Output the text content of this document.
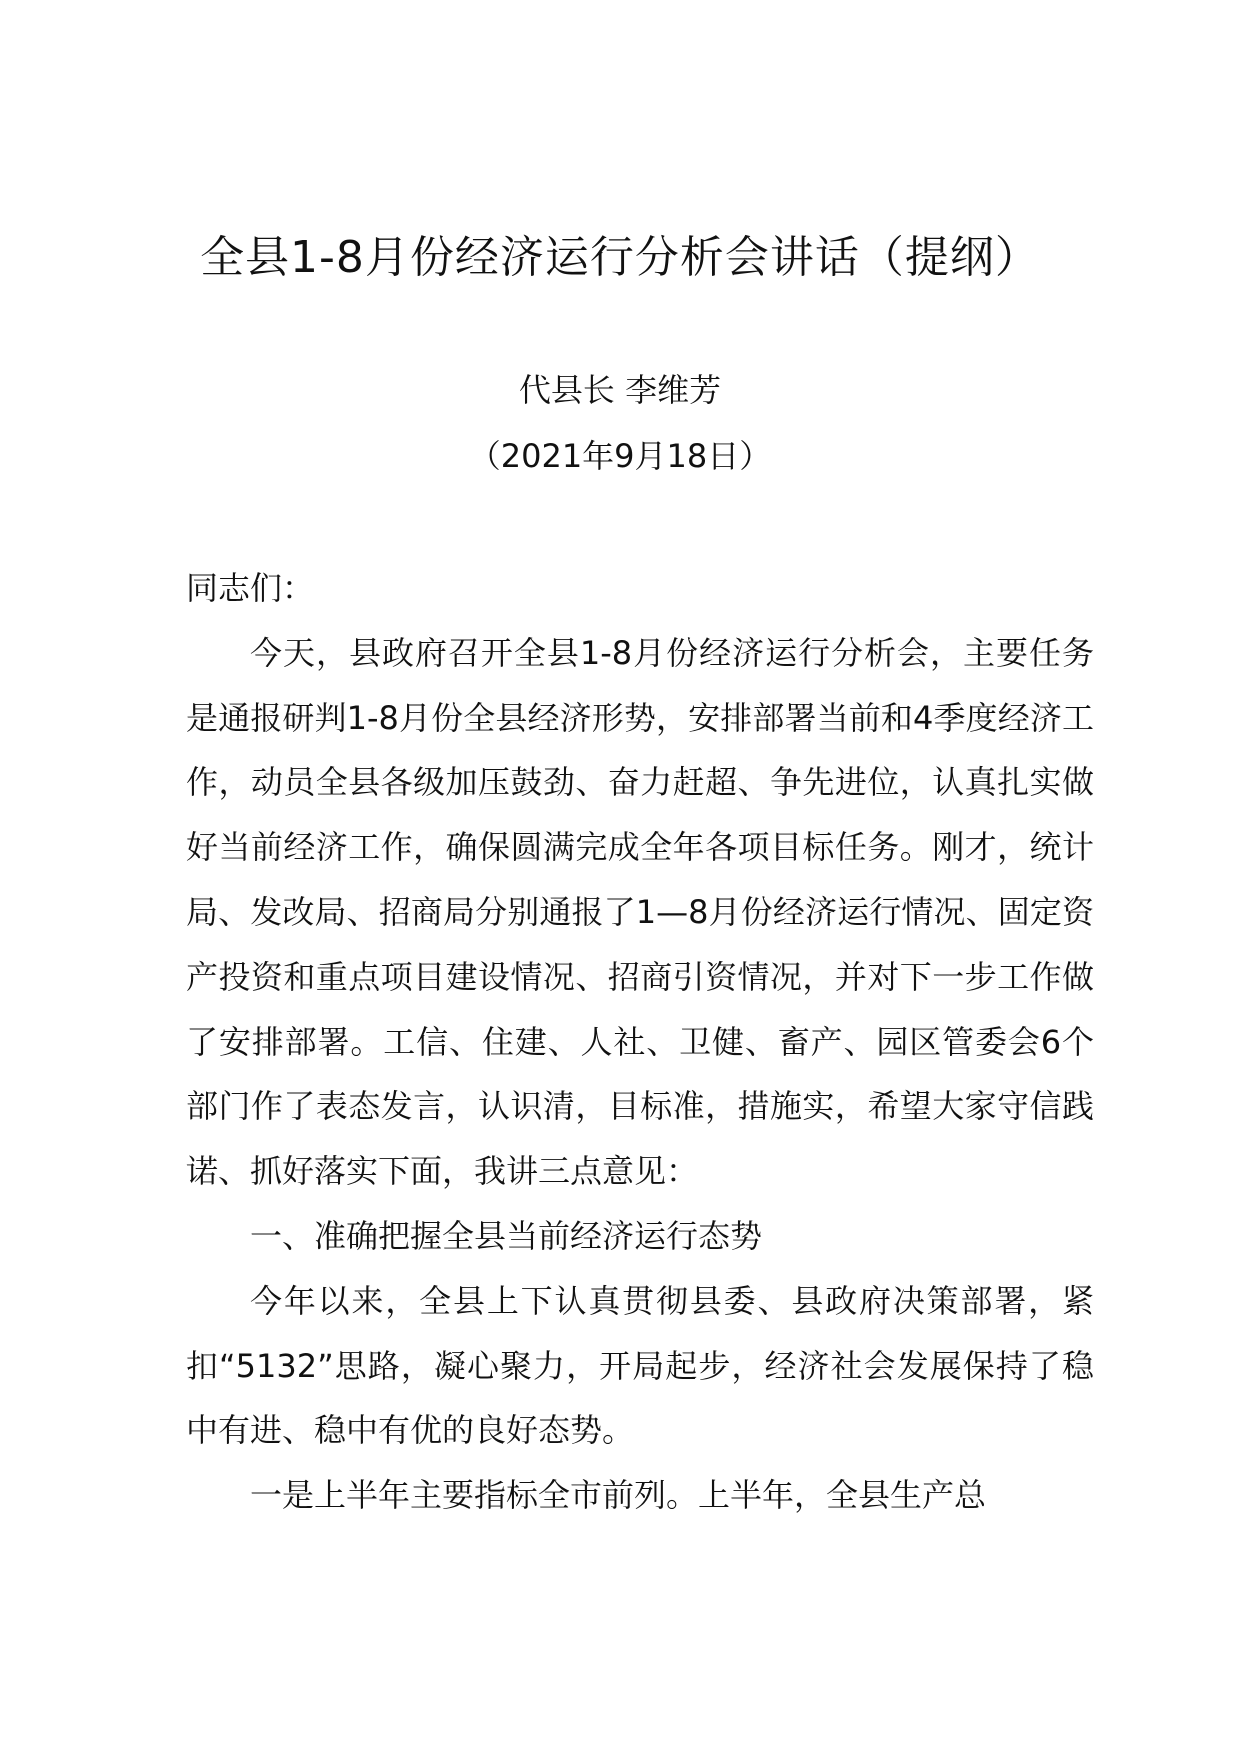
全县1-8月份经济运行分析会讲话（提纲）
代县长 李维芳
（2021年9月18日）

同志们：

今天，县政府召开全县1-8月份经济运行分析会，主要任务是通报研判1-8月份全县经济形势，安排部署当前和4季度经济工作，动员全县各级加压鼓劲、奋力赶超、争先进位，认真扎实做好当前经济工作，确保圆满完成全年各项目标任务。刚才，统计局、发改局、招商局分别通报了1—8月份经济运行情况、固定资产投资和重点项目建设情况、招商引资情况，并对下一步工作做了安排部署。工信、住建、人社、卫健、畜产、园区管委会6个部门作了表态发言，认识清，目标准，措施实，希望大家守信践诺、抓好落实下面，我讲三点意见：

一、准确把握全县当前经济运行态势

今年以来，全县上下认真贯彻县委、县政府决策部署，紧扣“5132”思路，凝心聚力，开局起步，经济社会发展保持了稳中有进、稳中有优的良好态势。

一是上半年主要指标全市前列。上半年，全县生产总
